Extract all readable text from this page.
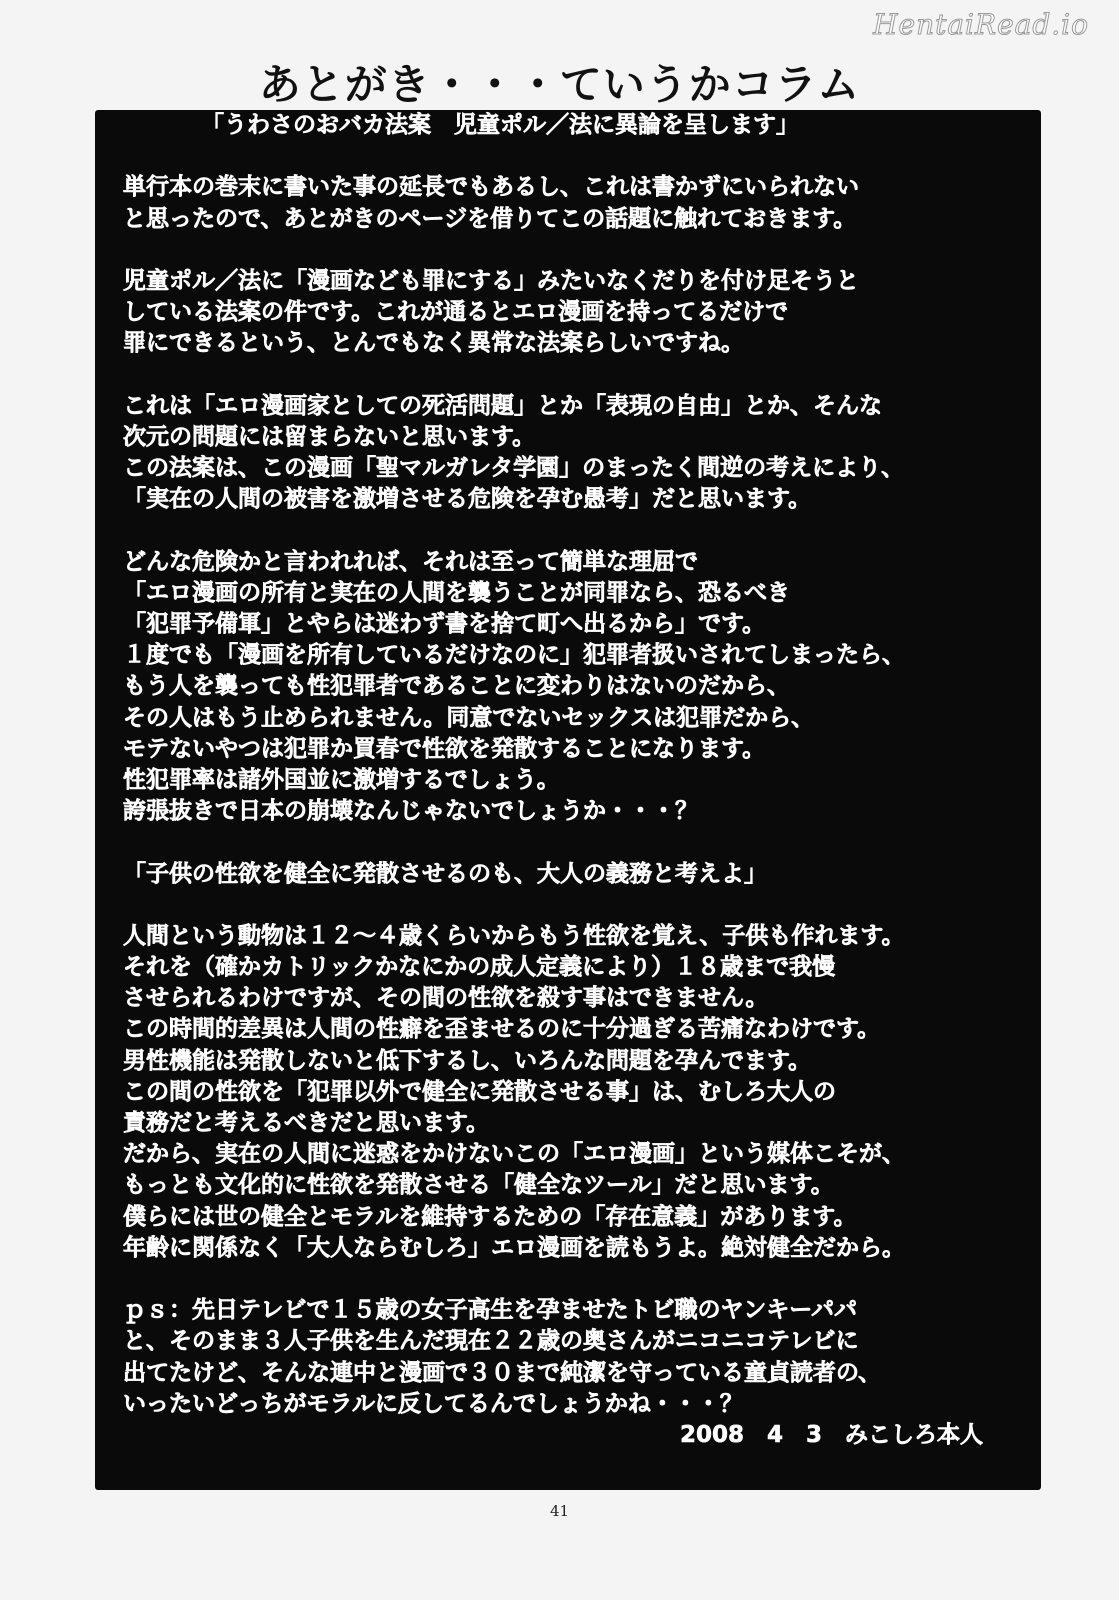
HentaiRead.io
あとがき・・・ていうかコラム
「うわさのおバカ法案　児童ポル／法に異論を呈します」
単行本の巻末に書いた事の延長でもあるし、これは書かずにいられない
と思ったので、あとがきのページを借りてこの話題に触れておきます。
児童ポル／法に「漫画なども罪にする」みたいなくだりを付け足そうと
している法案の件です。これが通るとエロ漫画を持ってるだけで
罪にできるという、とんでもなく異常な法案らしいですね。
これは「エロ漫画家としての死活問題」とか「表現の自由」とか、そんな
次元の問題には留まらないと思います。
この法案は、この漫画「聖マルガレタ学園」のまったく間逆の考えにより、
「実在の人間の被害を激増させる危険を孕む愚考」だと思います。
どんな危険かと言われれば、それは至って簡単な理屈で
「エロ漫画の所有と実在の人間を襲うことが同罪なら、恐るべき
「犯罪予備軍」とやらは迷わず書を捨て町へ出るから」です。
１度でも「漫画を所有しているだけなのに」犯罪者扱いされてしまったら、
もう人を襲っても性犯罪者であることに変わりはないのだから、
その人はもう止められません。同意でないセックスは犯罪だから、
モテないやつは犯罪か買春で性欲を発散することになります。
性犯罪率は諸外国並に激増するでしょう。
誇張抜きで日本の崩壊なんじゃないでしょうか・・・？
「子供の性欲を健全に発散させるのも、大人の義務と考えよ」
人間という動物は１２～４歳くらいからもう性欲を覚え、子供も作れます。
それを（確かカトリックかなにかの成人定義により）１８歳まで我慢
させられるわけですが、その間の性欲を殺す事はできません。
この時間的差異は人間の性癖を歪ませるのに十分過ぎる苦痛なわけです。
男性機能は発散しないと低下するし、いろんな問題を孕んでます。
この間の性欲を「犯罪以外で健全に発散させる事」は、むしろ大人の
責務だと考えるべきだと思います。
だから、実在の人間に迷惑をかけないこの「エロ漫画」という媒体こそが、
もっとも文化的に性欲を発散させる「健全なツール」だと思います。
僕らには世の健全とモラルを維持するための「存在意義」があります。
年齢に関係なく「大人ならむしろ」エロ漫画を読もうよ。絶対健全だから。
ｐｓ：先日テレビで１５歳の女子高生を孕ませたトビ職のヤンキーパパ
と、そのまま３人子供を生んだ現在２２歳の奥さんがニコニコテレビに
出てたけど、そんな連中と漫画で３０まで純潔を守っている童貞読者の、
いったいどっちがモラルに反してるんでしょうかね・・・？
2008　4　3　みこしろ本人
41
